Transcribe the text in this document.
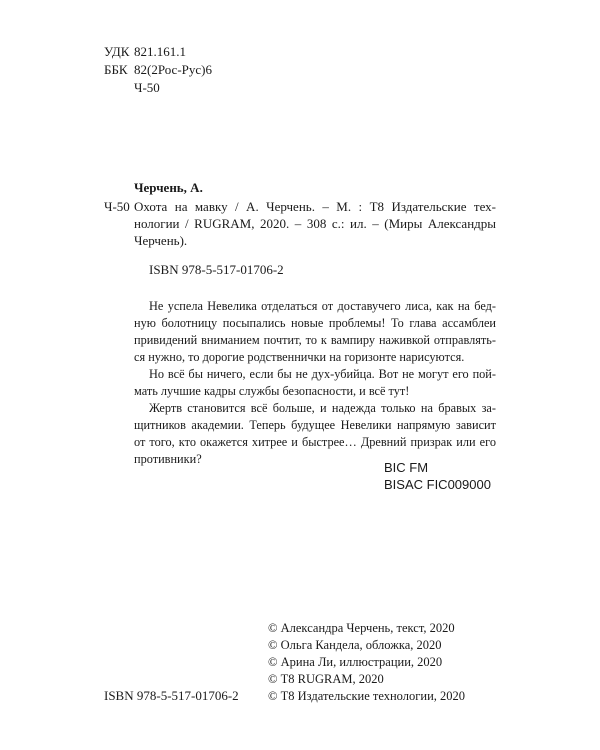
УДК 821.161.1
ББК 82(2Рос-Рус)6
Ч-50
Черчень, А.
Ч-50 Охота на мавку / А. Черчень. – М. : Т8 Издательские тех-
нологии / RUGRAM, 2020. – 308 с.: ил. – (Миры Александры
Черчень).
ISBN 978-5-517-01706-2
Не успела Невелика отделаться от доставучего лиса, как на бед-
ную болотницу посыпались новые проблемы! То глава ассамблеи
привидений вниманием почтит, то к вампиру наживкой отправлять-
ся нужно, то дорогие родственнички на горизонте нарисуются.
Но всё бы ничего, если бы не дух-убийца. Вот не могут его пой-
мать лучшие кадры службы безопасности, и всё тут!
Жертв становится всё больше, и надежда только на бравых за-
щитников академии. Теперь будущее Невелики напрямую зависит
от того, кто окажется хитрее и быстрее… Древний призрак или его
противники?
BIC FM
BISAC FIC009000
© Александра Черчень, текст, 2020
© Ольга Кандела, обложка, 2020
© Арина Ли, иллюстрации, 2020
© Т8 RUGRAM, 2020
© Т8 Издательские технологии, 2020
ISBN 978-5-517-01706-2
